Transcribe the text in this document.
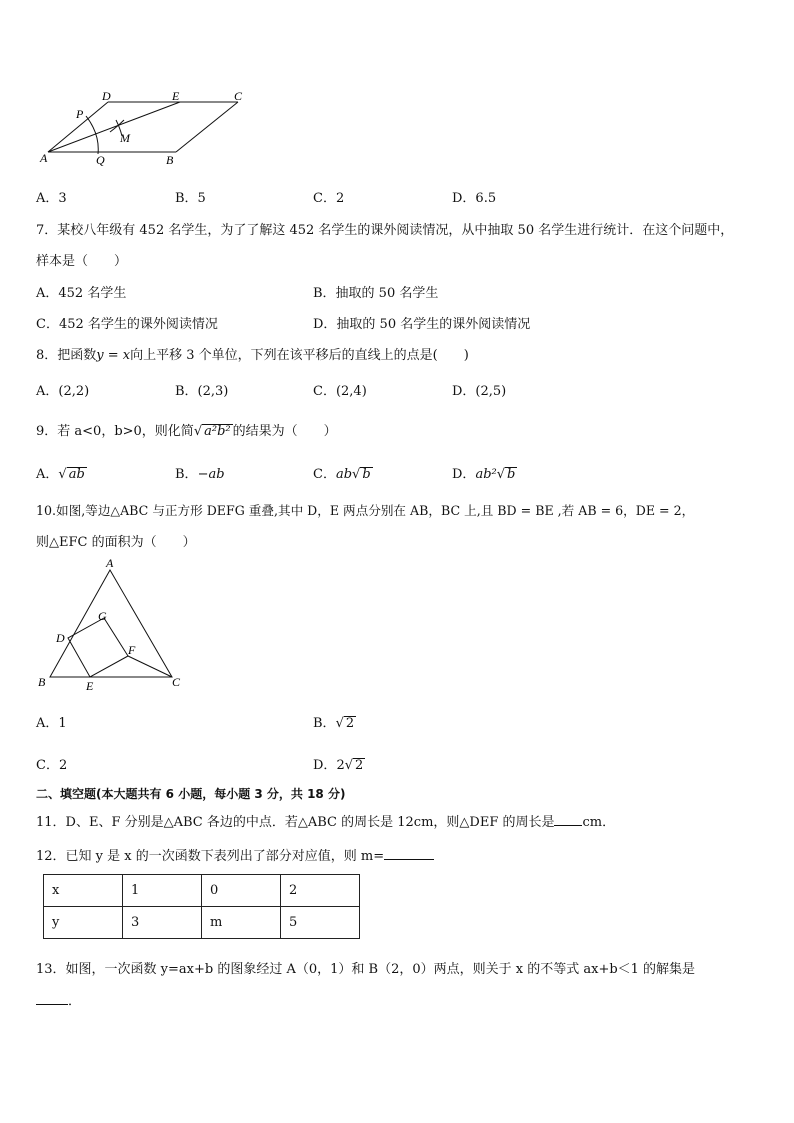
D	E	C
P
M
A	Q	B
A．3	B．5	C．2	D．6.5
7．某校八年级有 452 名学生，为了了解这 452 名学生的课外阅读情况，从中抽取 50 名学生进行统计．在这个问题中，
样本是（　　）
A．452 名学生	B．抽取的 50 名学生
C．452 名学生的课外阅读情况	D．抽取的 50 名学生的课外阅读情况
8．把函数y = x向上平移 3 个单位，下列在该平移后的直线上的点是(　　)
A．(2,2)	B．(2,3)	C．(2,4)	D．(2,5)
9．若 a<0，b>0，则化简√ a²b² 的结果为（　　）
A．√ ab	B．−ab	C．ab√ b	D．ab²√ b
10.如图,等边△ABC 与正方形 DEFG 重叠,其中 D，E 两点分别在 AB，BC 上,且 BD = BE ,若 AB = 6，DE = 2，
则△EFC 的面积为（　　）
A
G
D
F
B	E	C
A．1	B．√ 2
C．2	D．2√ 2
二、填空题(本大题共有 6 小题，每小题 3 分，共 18 分)
11．D、E、F 分别是△ABC 各边的中点．若△ABC 的周长是 12cm，则△DEF 的周长是 cm．
12．已知 y 是 x 的一次函数下表列出了部分对应值，则 m=
x	1	0	2
y	3	m	5
13．如图，一次函数 y=ax+b 的图象经过 A（0，1）和 B（2，0）两点，则关于 x 的不等式 ax+b＜1 的解集是
．
